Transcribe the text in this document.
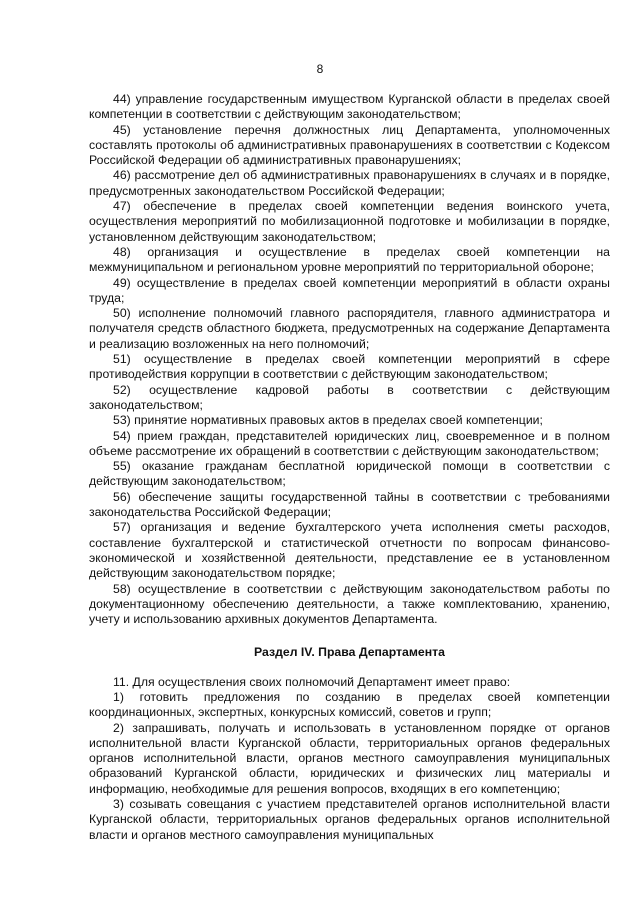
8

44) управление государственным имуществом Курганской области в пределах своей компетенции в соответствии с действующим законодательством;

45) установление перечня должностных лиц Департамента, уполномоченных составлять протоколы об административных правонарушениях в соответствии с Кодексом Российской Федерации об административных правонарушениях;

46) рассмотрение дел об административных правонарушениях в случаях и в порядке, предусмотренных законодательством Российской Федерации;

47) обеспечение в пределах своей компетенции ведения воинского учета, осуществления мероприятий по мобилизационной подготовке и мобилизации в порядке, установленном действующим законодательством;

48) организация и осуществление в пределах своей компетенции на межмуниципальном и региональном уровне мероприятий по территориальной обороне;

49) осуществление в пределах своей компетенции мероприятий в области охраны труда;

50) исполнение полномочий главного распорядителя, главного администратора и получателя средств областного бюджета, предусмотренных на содержание Департамента и реализацию возложенных на него полномочий;

51) осуществление в пределах своей компетенции мероприятий в сфере противодействия коррупции в соответствии с действующим законодательством;

52) осуществление кадровой работы в соответствии с действующим законодательством;

53) принятие нормативных правовых актов в пределах своей компетенции;

54) прием граждан, представителей юридических лиц, своевременное и в полном объеме рассмотрение их обращений в соответствии с действующим законодательством;

55) оказание гражданам бесплатной юридической помощи в соответствии с действующим законодательством;

56) обеспечение защиты государственной тайны в соответствии с требованиями законодательства Российской Федерации;

57) организация и ведение бухгалтерского учета исполнения сметы расходов, составление бухгалтерской и статистической отчетности по вопросам финансово-экономической и хозяйственной деятельности, представление ее в установленном действующим законодательством порядке;

58) осуществление в соответствии с действующим законодательством работы по документационному обеспечению деятельности, а также комплектованию, хранению, учету и использованию архивных документов Департамента.

Раздел IV. Права Департамента

11. Для осуществления своих полномочий Департамент имеет право:

1) готовить предложения по созданию в пределах своей компетенции координационных, экспертных, конкурсных комиссий, советов и групп;

2) запрашивать, получать и использовать в установленном порядке от органов исполнительной власти Курганской области, территориальных органов федеральных органов исполнительной власти, органов местного самоуправления муниципальных образований Курганской области, юридических и физических лиц материалы и информацию, необходимые для решения вопросов, входящих в его компетенцию;

3) созывать совещания с участием представителей органов исполнительной власти Курганской области, территориальных органов федеральных органов исполнительной власти и органов местного самоуправления муниципальных
